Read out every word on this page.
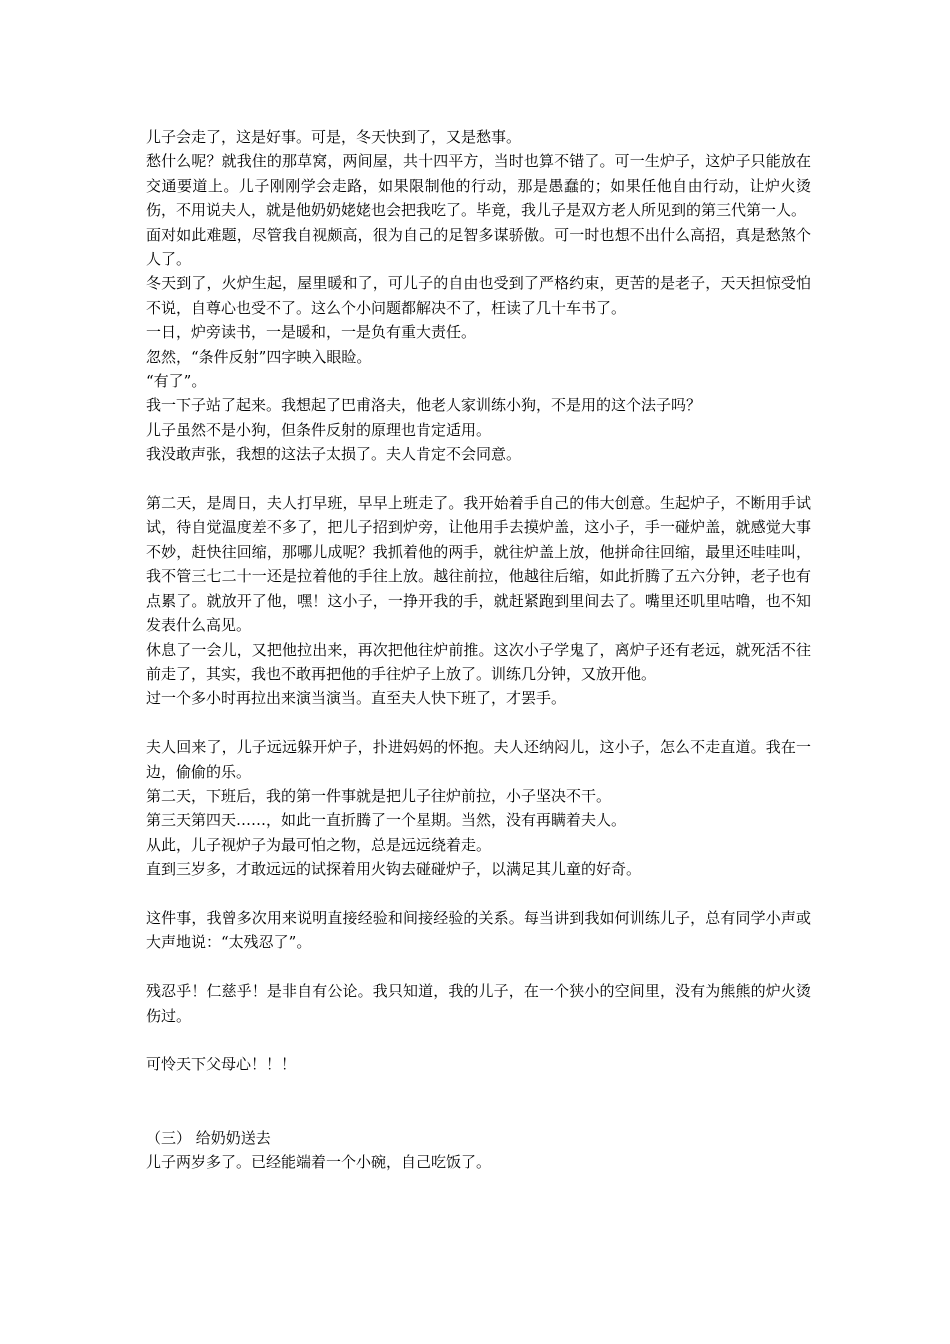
儿子会走了，这是好事。可是，冬天快到了，又是愁事。

愁什么呢？就我住的那草窝，两间屋，共十四平方，当时也算不错了。可一生炉子，这炉子只能放在交通要道上。儿子刚刚学会走路，如果限制他的行动，那是愚蠢的；如果任他自由行动，让炉火烫伤，不用说夫人，就是他奶奶姥姥也会把我吃了。毕竟，我儿子是双方老人所见到的第三代第一人。

面对如此难题，尽管我自视颇高，很为自己的足智多谋骄傲。可一时也想不出什么高招，真是愁煞个人了。

冬天到了，火炉生起，屋里暖和了，可儿子的自由也受到了严格约束，更苦的是老子，天天担惊受怕不说，自尊心也受不了。这么个小问题都解决不了，枉读了几十车书了。

一日，炉旁读书，一是暖和，一是负有重大责任。

忽然，“条件反射”四字映入眼睑。

“有了”。

我一下子站了起来。我想起了巴甫洛夫，他老人家训练小狗，不是用的这个法子吗？

儿子虽然不是小狗，但条件反射的原理也肯定适用。

我没敢声张，我想的这法子太损了。夫人肯定不会同意。

第二天，是周日，夫人打早班，早早上班走了。我开始着手自己的伟大创意。生起炉子，不断用手试试，待自觉温度差不多了，把儿子招到炉旁，让他用手去摸炉盖，这小子，手一碰炉盖，就感觉大事不妙，赶快往回缩，那哪儿成呢？我抓着他的两手，就往炉盖上放，他拼命往回缩，最里还哇哇叫，我不管三七二十一还是拉着他的手往上放。越往前拉，他越往后缩，如此折腾了五六分钟，老子也有点累了。就放开了他，嘿！这小子，一挣开我的手，就赶紧跑到里间去了。嘴里还叽里咕噜，也不知发表什么高见。

休息了一会儿，又把他拉出来，再次把他往炉前推。这次小子学鬼了，离炉子还有老远，就死活不往前走了，其实，我也不敢再把他的手往炉子上放了。训练几分钟，又放开他。

过一个多小时再拉出来演当演当。直至夫人快下班了，才罢手。

夫人回来了，儿子远远躲开炉子，扑进妈妈的怀抱。夫人还纳闷儿，这小子，怎么不走直道。我在一边，偷偷的乐。

第二天，下班后，我的第一件事就是把儿子往炉前拉，小子坚决不干。

第三天第四天……，如此一直折腾了一个星期。当然，没有再瞒着夫人。

从此，儿子视炉子为最可怕之物，总是远远绕着走。

直到三岁多，才敢远远的试探着用火钩去碰碰炉子，以满足其儿童的好奇。

这件事，我曾多次用来说明直接经验和间接经验的关系。每当讲到我如何训练儿子，总有同学小声或大声地说：“太残忍了”。

残忍乎！仁慈乎！是非自有公论。我只知道，我的儿子，在一个狭小的空间里，没有为熊熊的炉火烫伤过。

可怜天下父母心！！！

（三） 给奶奶送去

儿子两岁多了。已经能端着一个小碗，自己吃饭了。
